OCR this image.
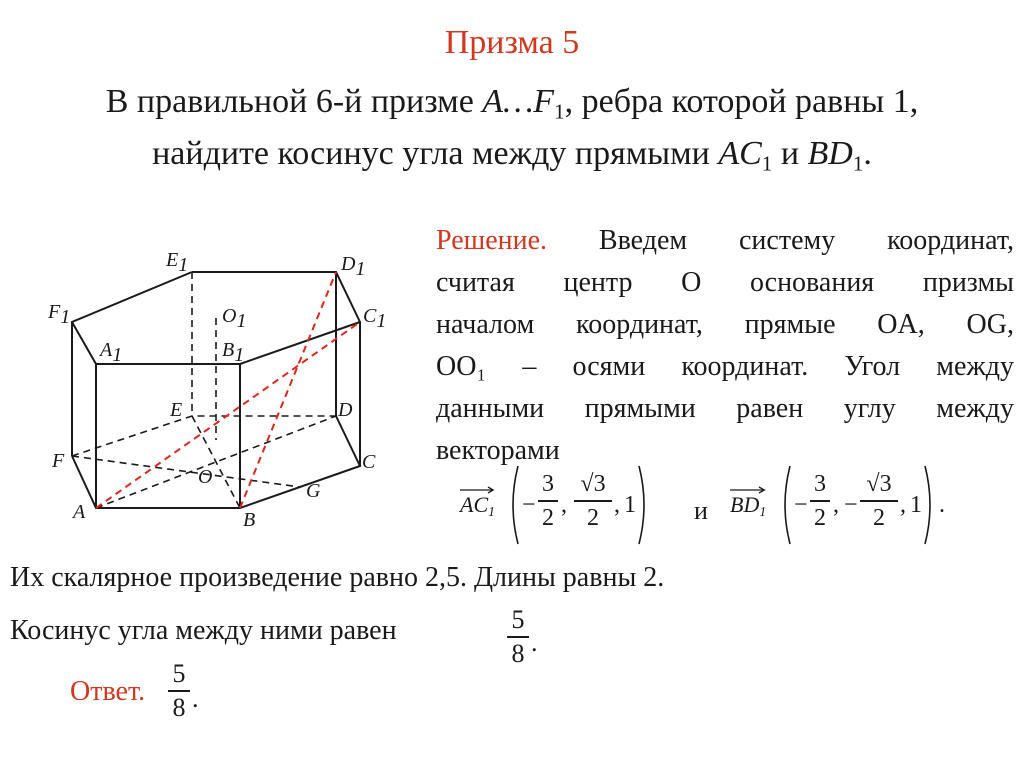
Призма 5
В правильной 6-й призме $A\dots F_1$, ребра которой равны 1,
найдите косинус угла между прямыми $AC_1$ и $BD_1$.
Решение. Введем систему координат,
считая центр O основания призмы
началом координат, прямые OA, OG,
OO₁ – осями координат. Угол между
данными прямыми равен углу между
векторами
E1	D1
F1	C1
A1
O1
B1
E	D
F	C
O
G
A	B
$AC_1$ −
3
2 ,
√3
2 , 1 и $BD_1$ −
3
2 , −
√3
2 , 1 .
Их скалярное произведение равно 2,5. Длины равны 2.
Косинус угла между ними равен	5
8 .
Ответ.
5
8 .
